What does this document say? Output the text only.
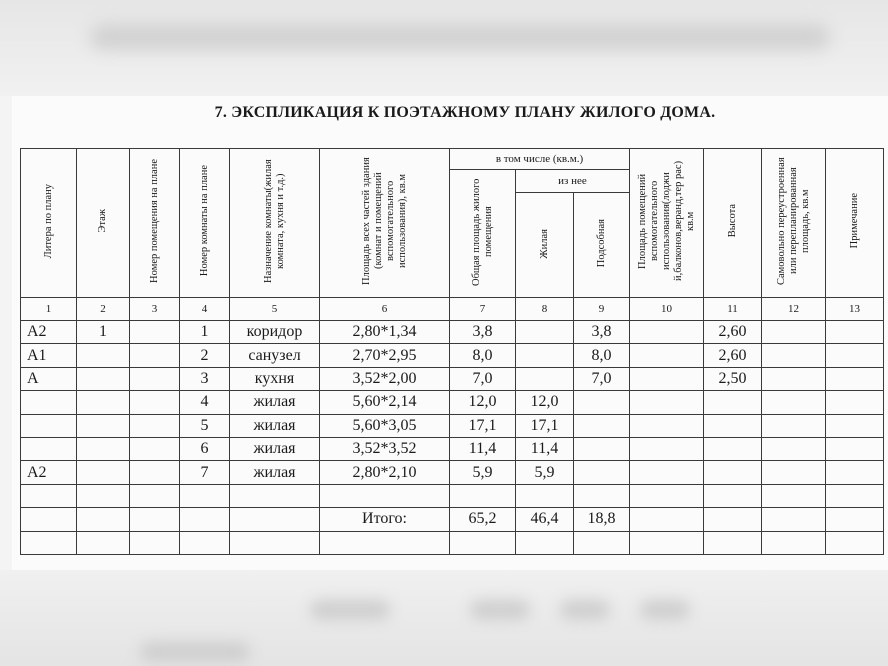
7. ЭКСПЛИКАЦИЯ К ПОЭТАЖНОМУ ПЛАНУ ЖИЛОГО ДОМА.
Литера по плану	Этаж	Номер помещения на плане	Номер комнаты на плане	Назначение комнаты(жилая комната, кухня и т.д.)	Площадь всех частей здания (комнат и помещений вспомогательного использования), кв.м	в том числе (кв.м.)			Площадь помещений вспомогательного использования(лоджи й,балконов,веранд,тер рас) кв.м	Высота	Самовольно переустроенная или перепланированная площадь, кв.м	Примечание
						Общая площадь жилого помещения	из нее					
							Жилая	Подсобная				
1	2	3	4	5	6	7	8	9	10	11	12	13
А2	1		1	коридор	2,80*1,34	3,8		3,8		2,60		
А1			2	санузел	2,70*2,95	8,0		8,0		2,60		
А			3	кухня	3,52*2,00	7,0		7,0		2,50		
			4	жилая	5,60*2,14	12,0	12,0					
			5	жилая	5,60*3,05	17,1	17,1					
			6	жилая	3,52*3,52	11,4	11,4					
А2			7	жилая	2,80*2,10	5,9	5,9					

					Итого:	65,2	46,4	18,8				
